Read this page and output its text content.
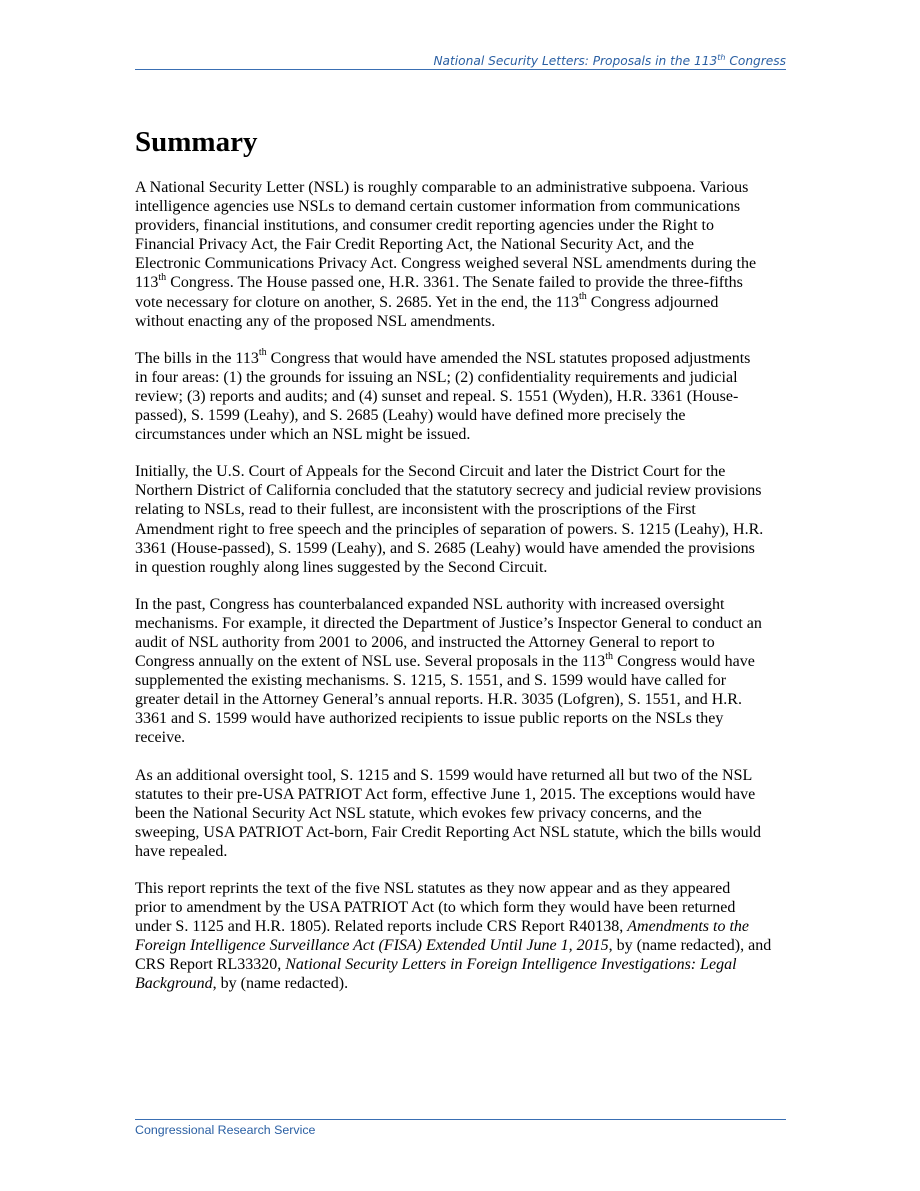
National Security Letters: Proposals in the 113th Congress
Summary

A National Security Letter (NSL) is roughly comparable to an administrative subpoena. Various
intelligence agencies use NSLs to demand certain customer information from communications
providers, financial institutions, and consumer credit reporting agencies under the Right to
Financial Privacy Act, the Fair Credit Reporting Act, the National Security Act, and the
Electronic Communications Privacy Act. Congress weighed several NSL amendments during the
113th Congress. The House passed one, H.R. 3361. The Senate failed to provide the three-fifths
vote necessary for cloture on another, S. 2685. Yet in the end, the 113th Congress adjourned
without enacting any of the proposed NSL amendments.

The bills in the 113th Congress that would have amended the NSL statutes proposed adjustments
in four areas: (1) the grounds for issuing an NSL; (2) confidentiality requirements and judicial
review; (3) reports and audits; and (4) sunset and repeal. S. 1551 (Wyden), H.R. 3361 (House-
passed), S. 1599 (Leahy), and S. 2685 (Leahy) would have defined more precisely the
circumstances under which an NSL might be issued.

Initially, the U.S. Court of Appeals for the Second Circuit and later the District Court for the
Northern District of California concluded that the statutory secrecy and judicial review provisions
relating to NSLs, read to their fullest, are inconsistent with the proscriptions of the First
Amendment right to free speech and the principles of separation of powers. S. 1215 (Leahy), H.R.
3361 (House-passed), S. 1599 (Leahy), and S. 2685 (Leahy) would have amended the provisions
in question roughly along lines suggested by the Second Circuit.

In the past, Congress has counterbalanced expanded NSL authority with increased oversight
mechanisms. For example, it directed the Department of Justice’s Inspector General to conduct an
audit of NSL authority from 2001 to 2006, and instructed the Attorney General to report to
Congress annually on the extent of NSL use. Several proposals in the 113th Congress would have
supplemented the existing mechanisms. S. 1215, S. 1551, and S. 1599 would have called for
greater detail in the Attorney General’s annual reports. H.R. 3035 (Lofgren), S. 1551, and H.R.
3361 and S. 1599 would have authorized recipients to issue public reports on the NSLs they
receive.

As an additional oversight tool, S. 1215 and S. 1599 would have returned all but two of the NSL
statutes to their pre-USA PATRIOT Act form, effective June 1, 2015. The exceptions would have
been the National Security Act NSL statute, which evokes few privacy concerns, and the
sweeping, USA PATRIOT Act-born, Fair Credit Reporting Act NSL statute, which the bills would
have repealed.

This report reprints the text of the five NSL statutes as they now appear and as they appeared
prior to amendment by the USA PATRIOT Act (to which form they would have been returned
under S. 1125 and H.R. 1805). Related reports include CRS Report R40138, Amendments to the
Foreign Intelligence Surveillance Act (FISA) Extended Until June 1, 2015, by (name redacted), and
CRS Report RL33320, National Security Letters in Foreign Intelligence Investigations: Legal
Background, by (name redacted).

Congressional Research Service
